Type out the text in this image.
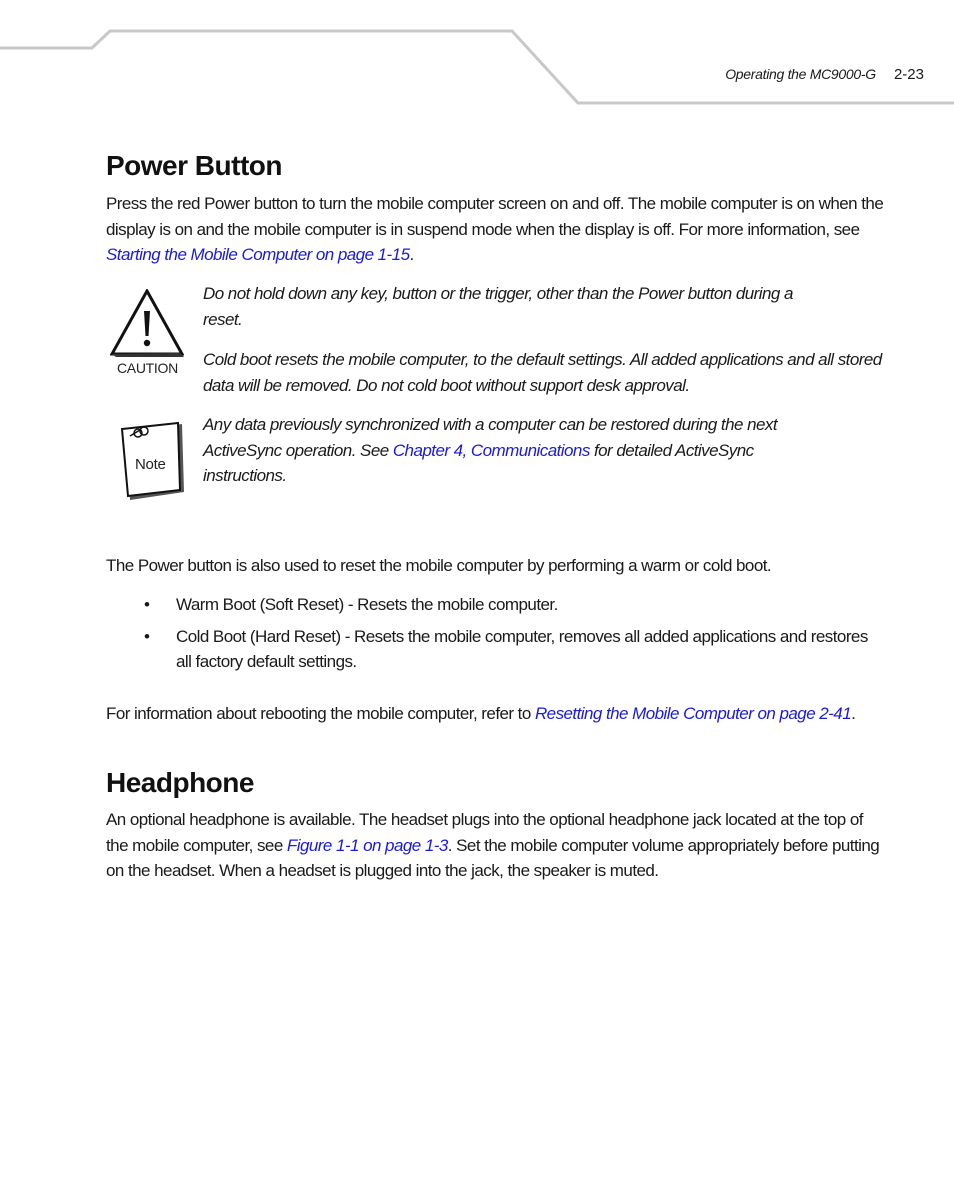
Operating the MC9000-G 2-23
Power Button

Press the red Power button to turn the mobile computer screen on and off. The mobile computer is on when the display is on and the mobile computer is in suspend mode when the display is off. For more information, see Starting the Mobile Computer on page 1-15.

CAUTION

Do not hold down any key, button or the trigger, other than the Power button during a reset.

Cold boot resets the mobile computer, to the default settings. All added applications and all stored data will be removed. Do not cold boot without support desk approval.

Note

Any data previously synchronized with a computer can be restored during the next ActiveSync operation. See Chapter 4, Communications for detailed ActiveSync instructions.

The Power button is also used to reset the mobile computer by performing a warm or cold boot.

• Warm Boot (Soft Reset) - Resets the mobile computer.
• Cold Boot (Hard Reset) - Resets the mobile computer, removes all added applications and restores all factory default settings.

For information about rebooting the mobile computer, refer to Resetting the Mobile Computer on page 2-41.

Headphone

An optional headphone is available. The headset plugs into the optional headphone jack located at the top of the mobile computer, see Figure 1-1 on page 1-3. Set the mobile computer volume appropriately before putting on the headset. When a headset is plugged into the jack, the speaker is muted.
